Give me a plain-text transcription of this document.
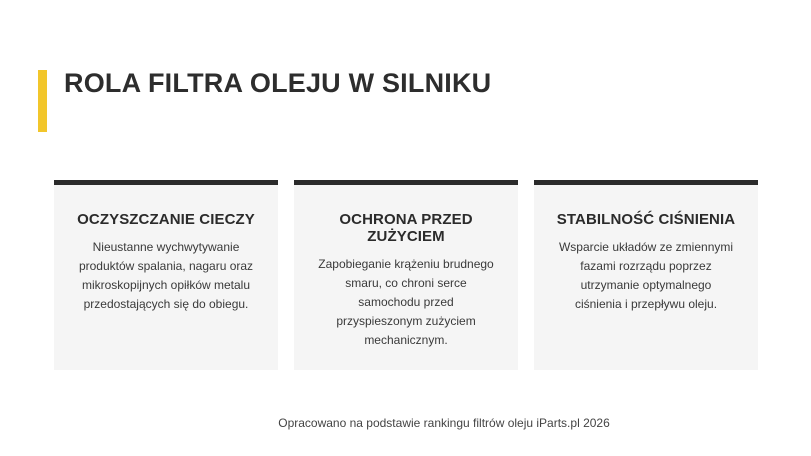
ROLA FILTRA OLEJU W SILNIKU
OCZYSZCZANIE CIECZY
Nieustanne wychwytywanie produktów spalania, nagaru oraz mikroskopijnych opiłków metalu przedostających się do obiegu.
OCHRONA PRZED ZUŻYCIEM
Zapobieganie krążeniu brudnego smaru, co chroni serce samochodu przed przyspieszonym zużyciem mechanicznym.
STABILNOŚĆ CIŚNIENIA
Wsparcie układów ze zmiennymi fazami rozrządu poprzez utrzymanie optymalnego ciśnienia i przepływu oleju.
Opracowano na podstawie rankingu filtrów oleju iParts.pl 2026
